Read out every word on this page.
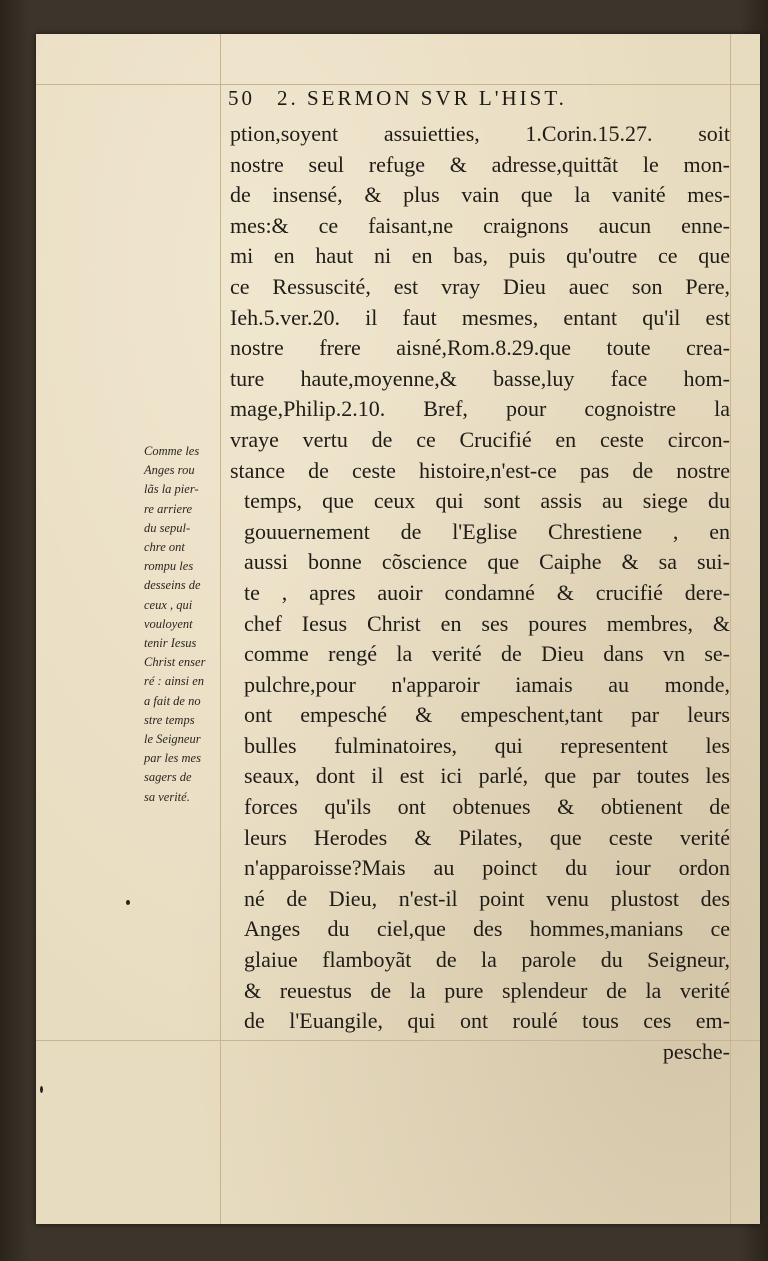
50 2. SERMON SVR L'HIST.
ption,soyent assuietties, 1.Corin.15.27. soit
nostre seul refuge & adresse,quittãt le mon-
de insensé, & plus vain que la vanité mes-
mes:& ce faisant,ne craignons aucun enne-
mi en haut ni en bas, puis qu'outre ce que
ce Ressuscité, est vray Dieu auec son Pere,
Ieh.5.ver.20. il faut mesmes, entant qu'il est
nostre frere aisné,Rom.8.29.que toute crea-
ture haute,moyenne,& basse,luy face hom-
mage,Philip.2.10. Bref, pour cognoistre la
vraye vertu de ce Crucifié en ceste circon-
stance de ceste histoire,n'est-ce pas de nostre
temps, que ceux qui sont assis au siege du
gouuernement de l'Eglise Chrestiene , en
aussi bonne cõscience que Caiphe & sa sui-
te , apres auoir condamné & crucifié dere-
chef Iesus Christ en ses poures membres, &
comme rengé la verité de Dieu dans vn se-
pulchre,pour n'apparoir iamais au monde,
ont empesché & empeschent,tant par leurs
bulles fulminatoires, qui representent les
seaux, dont il est ici parlé, que par toutes les
forces qu'ils ont obtenues & obtienent de
leurs Herodes & Pilates, que ceste verité
n'apparoisse?Mais au poinct du iour ordon
né de Dieu, n'est-il point venu plustost des
Anges du ciel,que des hommes,manians ce
glaiue flamboyãt de la parole du Seigneur,
& reuestus de la pure splendeur de la verité
de l'Euangile, qui ont roulé tous ces em-
pesche-
Comme les
Anges rou
lãs la pier-
re arriere
du sepul-
chre ont
rompu les
desseins de
ceux , qui
vouloyent
tenir Iesus
Christ enser
ré : ainsi en
a fait de no
stre temps
le Seigneur
par les mes
sagers de
sa verité.
